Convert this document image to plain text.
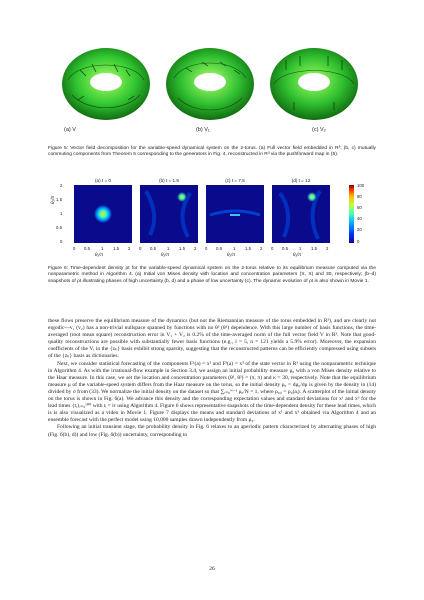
(a) V	(b) V₁	(c) V₂
Figure 5: Vector field decomposition for the variable-speed dynamical system on the 2-torus. (a) Full vector field embedded in R³; (b, c) mutually commuting components from Theorem 5 corresponding to the generators in Fig. 4, reconstructed in R³ via the pushforward map in (5).
(a) t = 0	(b) t = 1.9	(c) t = 7.5	(d) t = 12
2
1.5
1
0.5
0
θ₂/π
0 0.5	1 1.5 2 0 0.5	1 1.5 2 0 0.5	1 1.5 2 0 0.5	1 1.5 2
θ₁/π	θ₁/π	θ₁/π	θ₁/π
100
80
60
40
20
0
Figure 6: Time-dependent density ρt for the variable-speed dynamical system on the 2-torus relative to its equilibrium measure computed via the nonparametric method in Algorithm 4. (a) Initial von Mises density with location and concentration parameters (π, π) and 30, respectively; (b–d) snapshots of ρt illustrating phases of high uncertainty (b, d) and a phase of low uncertainty (c). The dynamic evolution of ρt is also shown in Movie 1.

these flows preserve the equilibrium measure of the dynamics (but not the Riemannian measure of the torus embedded in R³), and are clearly not ergodic—v₁ (v₂) has a non-trivial nullspace spanned by functions with no θ² (θ¹) dependence. With this large number of basis functions, the time-averaged (root mean square) reconstruction error in V₁ + V₂ is 0.2% of the time-averaged norm of the full vector field V in R³. Note that good-quality reconstructions are possible with substantially fewer basis functions (e.g., l = 5, n = 121 yields a 5.9% error). Moreover, the expansion coefficients of the Vᵢ in the {zₖ} basis exhibit strong sparsity, suggesting that the reconstructed patterns can be efficiently compressed using subsets of the {zₖ} basis as dictionaries.

Next, we consider statistical forecasting of the components F¹(a) = x¹ and F³(a) = x³ of the state vector in R³ using the nonparametric technique in Algorithm 4. As with the irrational-flow example in Section 3.4, we assign an initial probability measure μ₀ with a von Mises density relative to the Haar measure. In this case, we set the location and concentration parameters (θ¹, θ²) = (π, π) and κ = 30, respectively. Note that the equilibrium measure μ of the variable-speed system differs from the Haar measure on the torus, so the initial density ρ₀ = dμ₀/dμ is given by the density in (14) divided by σ from (33). We normalize the initial density on the dataset so that ∑ᵢ₌₀ᴺ⁻¹ ρ₀/N = 1, where ρ₀,ᵢ = ρ₀(aᵢ). A scatterplot of the initial density on the torus is shown in Fig. 6(a). We advance this density and the corresponding expectation values and standard deviations for x¹ and x³ for the lead times {tᵢ}ᵢ₌₀¹⁰⁰ with tᵢ = iτ using Algorithm 4. Figure 6 shows representative snapshots of the time-dependent density for these lead times, which is is also visualized as a video in Movie 1. Figure 7 displays the means and standard deviations of x¹ and x³ obtained via Algorithm 4 and an ensemble forecast with the perfect model using 10,000 samples drawn independently from μ₀.

Following an initial transient stage, the probability density in Fig. 6 relaxes to an aperiodic pattern characterized by alternating phases of high (Fig. 6(b), d)) and low (Fig. 6(b)) uncertainty, corresponding to

26
